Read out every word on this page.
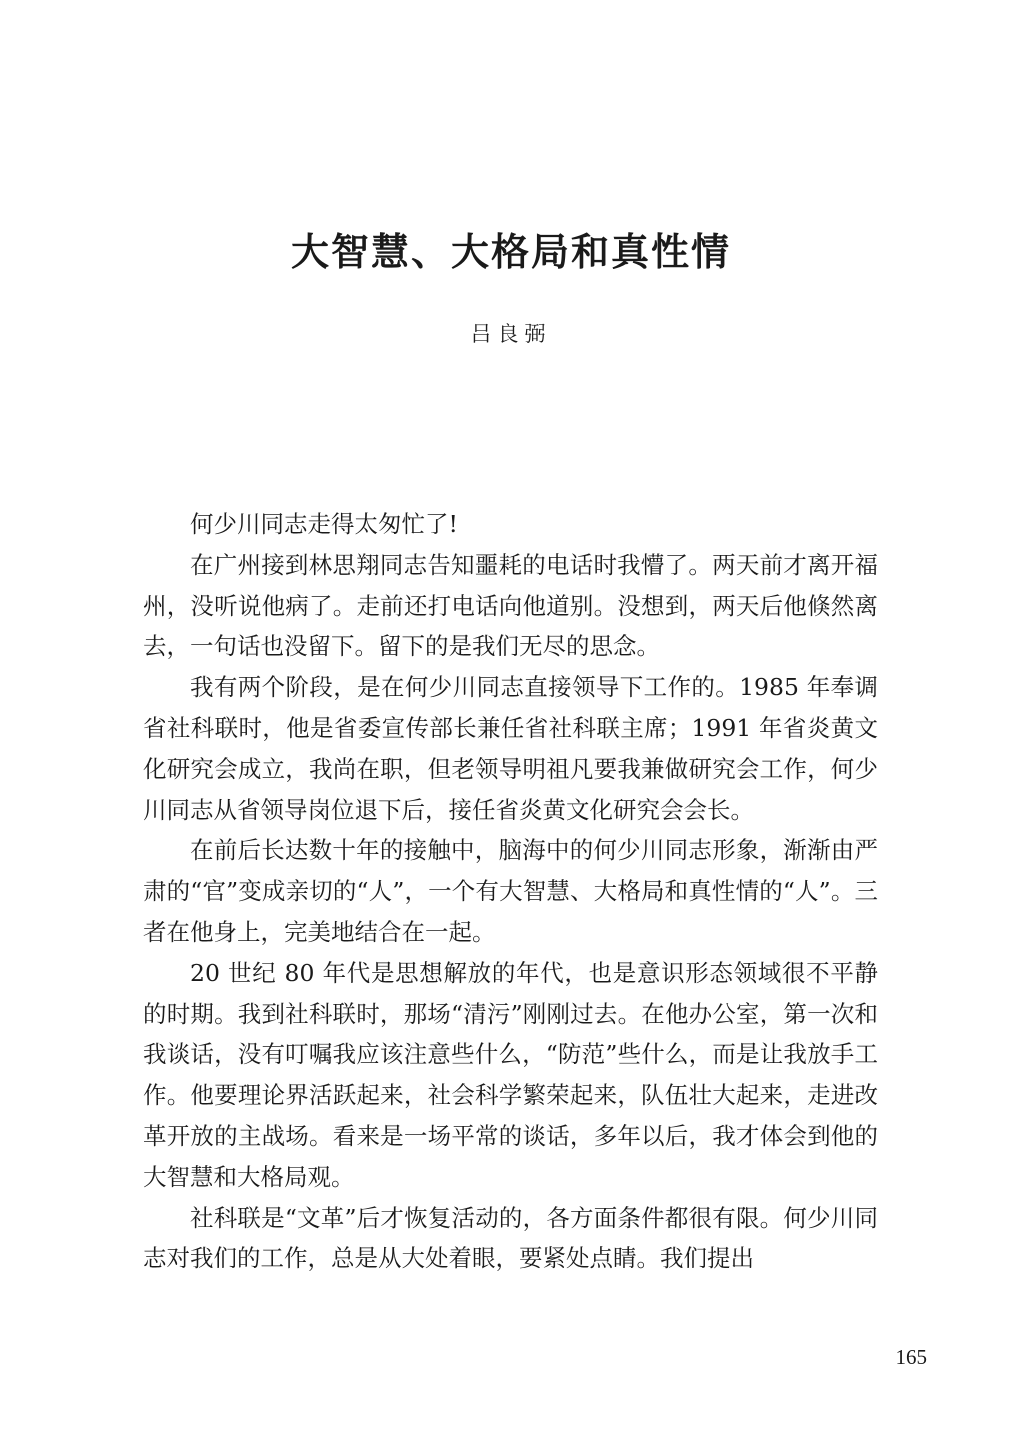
大智慧、大格局和真性情
吕良弼

何少川同志走得太匆忙了!

在广州接到林思翔同志告知噩耗的电话时我懵了。两天前才离开福州，没听说他病了。走前还打电话向他道别。没想到，两天后他倏然离去，一句话也没留下。留下的是我们无尽的思念。

我有两个阶段，是在何少川同志直接领导下工作的。1985 年奉调省社科联时，他是省委宣传部长兼任省社科联主席；1991 年省炎黄文化研究会成立，我尚在职，但老领导明祖凡要我兼做研究会工作，何少川同志从省领导岗位退下后，接任省炎黄文化研究会会长。

在前后长达数十年的接触中，脑海中的何少川同志形象，渐渐由严肃的“官”变成亲切的“人”，一个有大智慧、大格局和真性情的“人”。三者在他身上，完美地结合在一起。

20 世纪 80 年代是思想解放的年代，也是意识形态领域很不平静的时期。我到社科联时，那场“清污”刚刚过去。在他办公室，第一次和我谈话，没有叮嘱我应该注意些什么，“防范”些什么，而是让我放手工作。他要理论界活跃起来，社会科学繁荣起来，队伍壮大起来，走进改革开放的主战场。看来是一场平常的谈话，多年以后，我才体会到他的大智慧和大格局观。

社科联是“文革”后才恢复活动的，各方面条件都很有限。何少川同志对我们的工作，总是从大处着眼，要紧处点睛。我们提出

165
